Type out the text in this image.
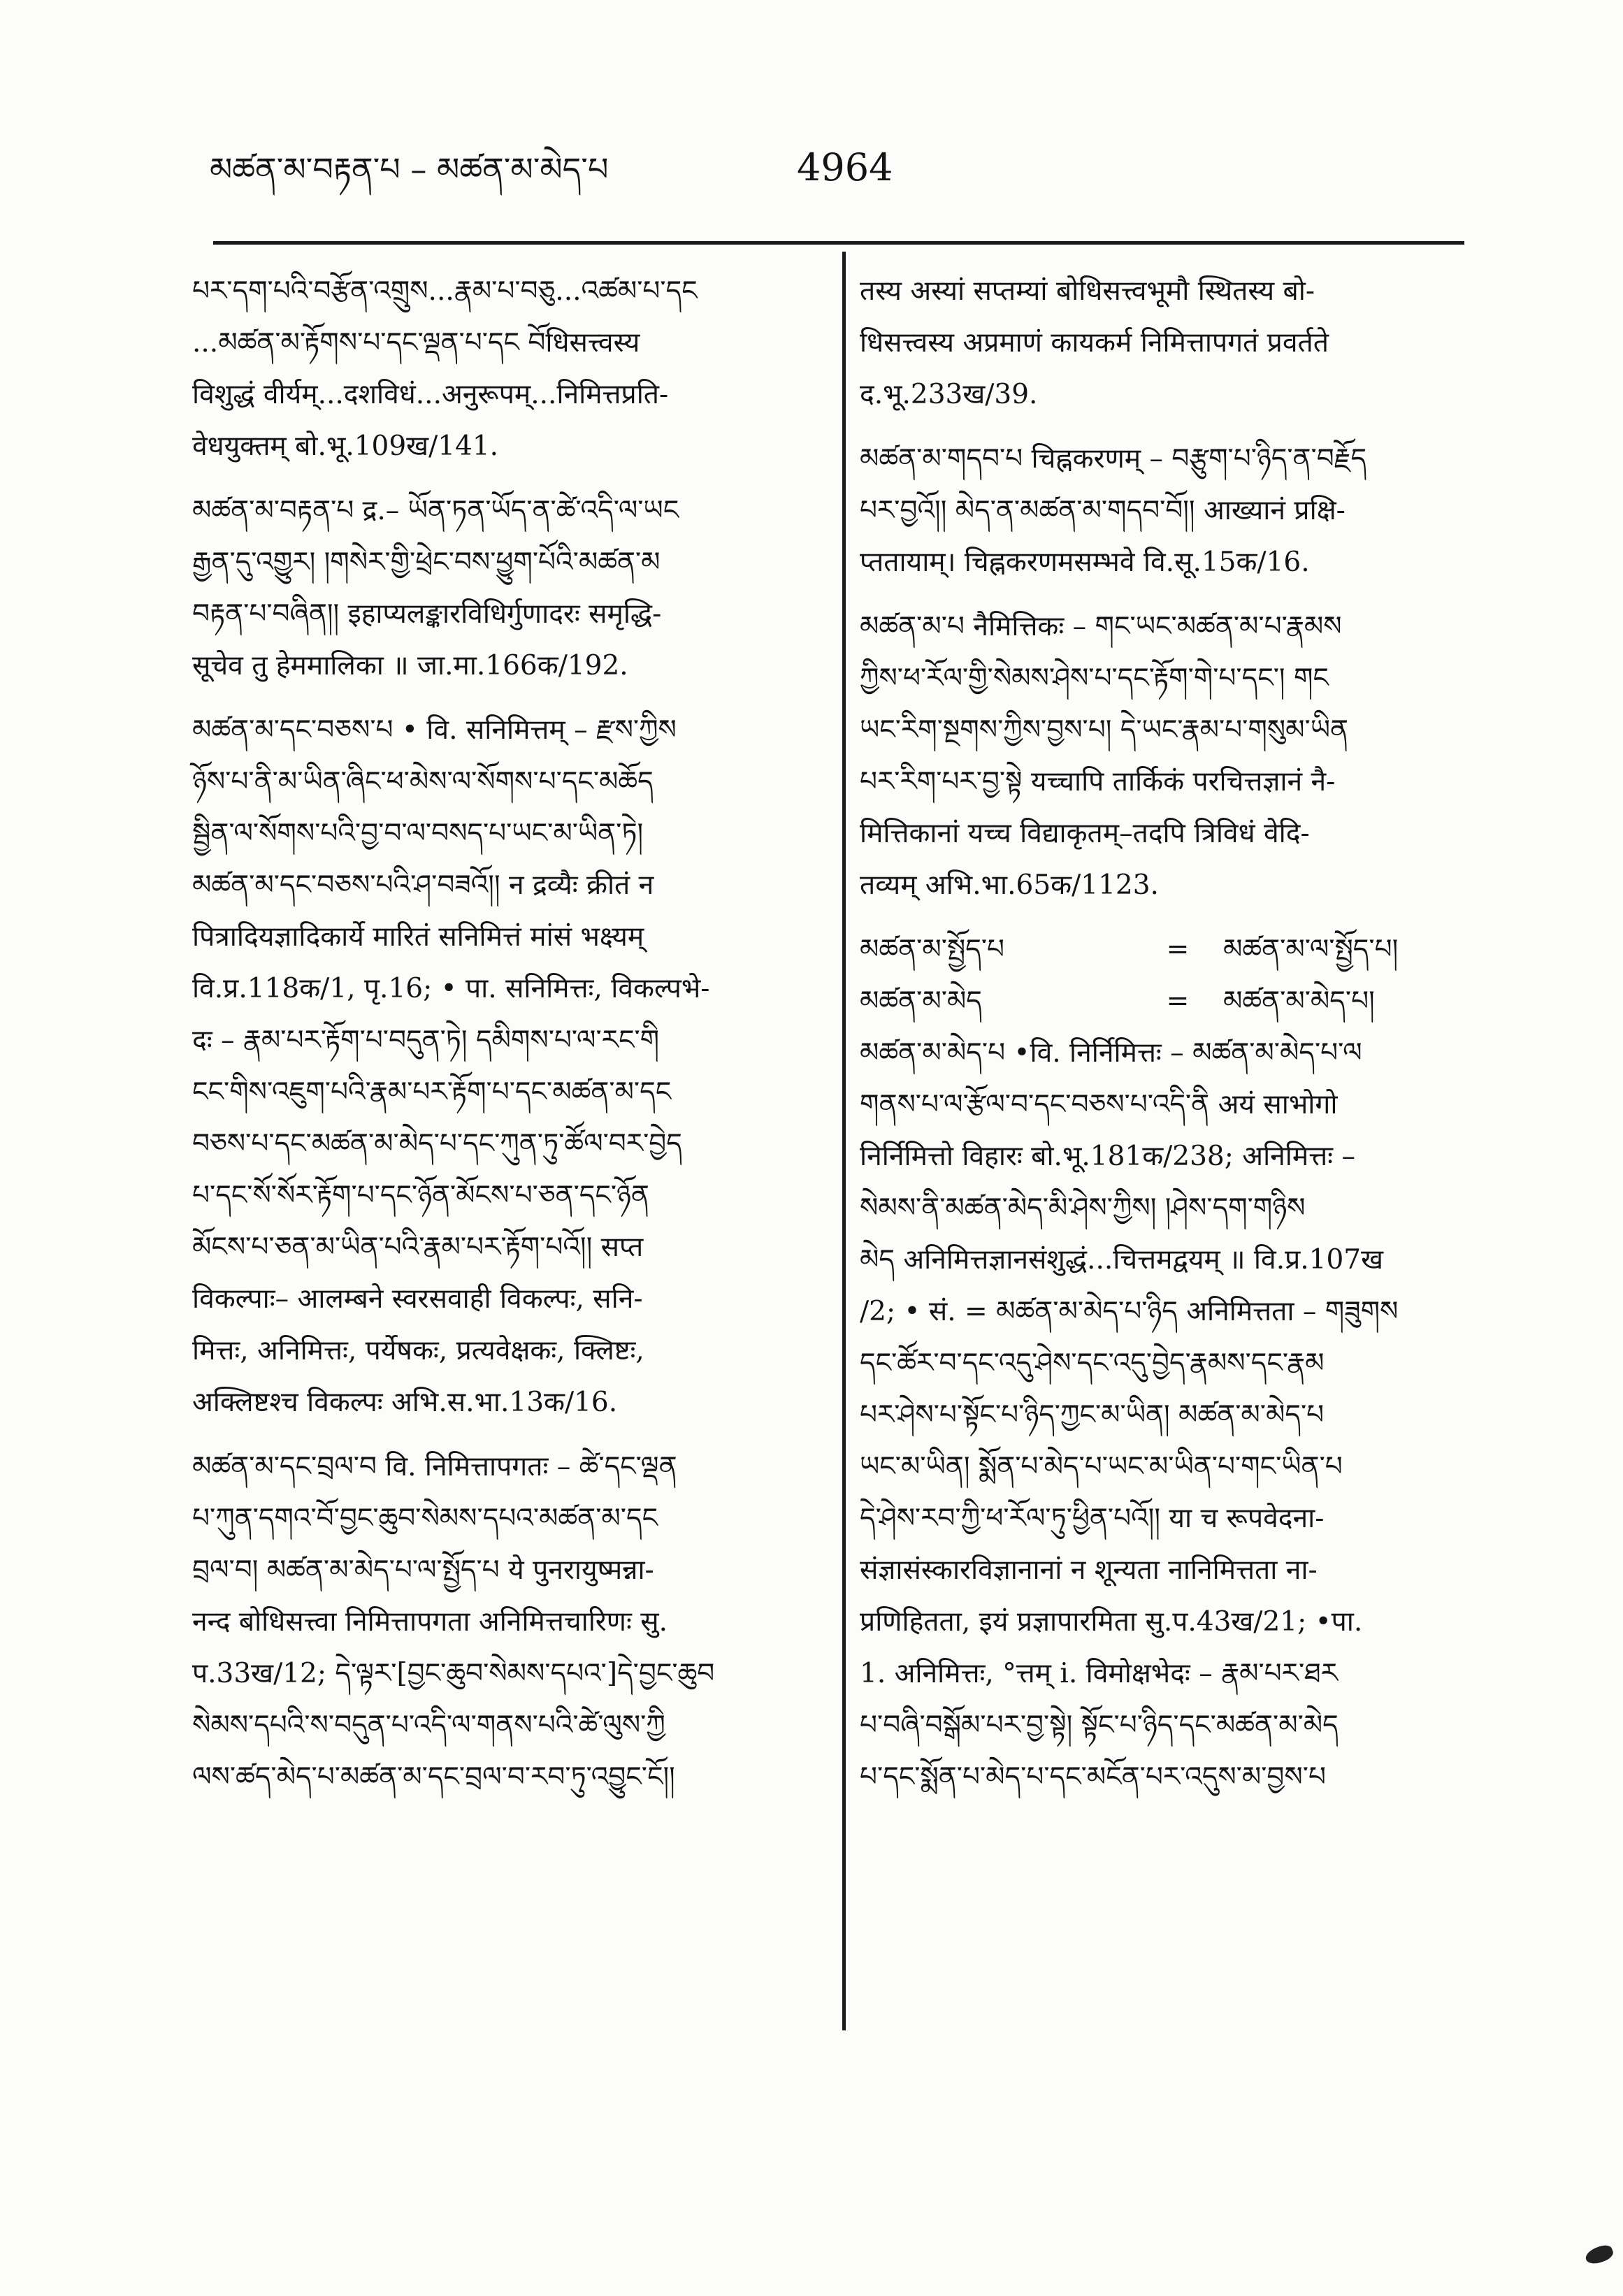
མཚན་མ་བརྟན་པ – མཚན་མ་མེད་པ	4964
པར་དག་པའི་བརྩོན་འགྲུས...རྣམ་པ་བཅུ...འཚམ་པ་དང
...མཚན་མ་རྟོགས་པ་དང་ལྡན་པ་དང བོधिसत्त्वस्य
विशुद्धं वीर्यम्...दशविधं...अनुरूपम्...निमित्तप्रति-
वेधयुक्तम् बो.भू.109ख/141.
མཚན་མ་བརྟན་པ द्र.– ཡོན་ཏན་ཡོད་ན་ཚེ་འདི་ལ་ཡང
རྒྱན་དུ་འགྱུར། །གསེར་གྱི་ཕྲེང་བས་ཕྱུག་པོའི་མཚན་མ
བརྟན་པ་བཞིན།། इहाप्यलङ्कारविधिर्गुणादरः समृद्धि-
सूचेव तु हेममालिका ॥ जा.मा.166क/192.
མཚན་མ་དང་བཅས་པ • वि. सनिमित्तम् – རྫས་ཀྱིས
ཉོས་པ་ནི་མ་ཡིན་ཞིང་ཕ་མེས་ལ་སོགས་པ་དང་མཆོད
སྦྱིན་ལ་སོགས་པའི་བྱ་བ་ལ་བསད་པ་ཡང་མ་ཡིན་ཏེ།
མཚན་མ་དང་བཅས་པའི་ཤ་བཟའོ།། न द्रव्यैः क्रीतं न
पित्रादियज्ञादिकार्ये मारितं सनिमित्तं मांसं भक्ष्यम्
वि.प्र.118क/1, पृ.16; • पा. सनिमित्तः, विकल्पभे-
दः – རྣམ་པར་རྟོག་པ་བདུན་ཏེ། དམིགས་པ་ལ་རང་གི
ངང་གིས་འཇུག་པའི་རྣམ་པར་རྟོག་པ་དང་མཚན་མ་དང
བཅས་པ་དང་མཚན་མ་མེད་པ་དང་ཀུན་ཏུ་ཚོལ་བར་བྱེད
པ་དང་སོ་སོར་རྟོག་པ་དང་ཉོན་མོངས་པ་ཅན་དང་ཉོན
མོངས་པ་ཅན་མ་ཡིན་པའི་རྣམ་པར་རྟོག་པའོ།། सप्त
विकल्पाः– आलम्बने स्वरसवाही विकल्पः, सनि-
मित्तः, अनिमित्तः, पर्येषकः, प्रत्यवेक्षकः, क्लिष्टः,
अक्लिष्टश्च विकल्पः अभि.स.भा.13क/16.
མཚན་མ་དང་བྲལ་བ वि. निमित्तापगतः – ཚེ་དང་ལྡན
པ་ཀུན་དགའ་བོ་བྱང་ཆུབ་སེམས་དཔའ་མཚན་མ་དང
བྲལ་བ། མཚན་མ་མེད་པ་ལ་སྤྱོད་པ ये पुनरायुष्मन्ना-
नन्द बोधिसत्त्वा निमित्तापगता अनिमित्तचारिणः सु.
प.33ख/12; དེ་ལྟར་[བྱང་ཆུབ་སེམས་དཔའ་]དེ་བྱང་ཆུབ
སེམས་དཔའི་ས་བདུན་པ་འདི་ལ་གནས་པའི་ཚེ་ལུས་ཀྱི
ལས་ཚད་མེད་པ་མཚན་མ་དང་བྲལ་བ་རབ་ཏུ་འབྱུང་ངོ།།
तस्य अस्यां सप्तम्यां बोधिसत्त्वभूमौ स्थितस्य बो-
धिसत्त्वस्य अप्रमाणं कायकर्म निमित्तापगतं प्रवर्तते
द.भू.233ख/39.
མཚན་མ་གདབ་པ चिह्नकरणम् – བརྩུག་པ་ཉིད་ན་བརྗོད
པར་བྱའོ།། མེད་ན་མཚན་མ་གདབ་བོ།། आख्यानं प्रक्षि-
प्ततायाम्। चिह्नकरणमसम्भवे वि.सू.15क/16.
མཚན་མ་པ नैमित्तिकः – གང་ཡང་མཚན་མ་པ་རྣམས
ཀྱིས་ཕ་རོལ་གྱི་སེམས་ཤེས་པ་དང་རྟོག་གེ་པ་དང་། གང
ཡང་རིག་སྔགས་ཀྱིས་བྱས་པ། དེ་ཡང་རྣམ་པ་གསུམ་ཡིན
པར་རིག་པར་བྱ་སྟེ यच्चापि तार्किकं परचित्तज्ञानं नै-
मित्तिकानां यच्च विद्याकृतम्–तदपि त्रिविधं वेदि-
तव्यम् अभि.भा.65क/1123.
མཚན་མ་སྤྱོད་པ	=	མཚན་མ་ལ་སྤྱོད་པ།
མཚན་མ་མེད	=	མཚན་མ་མེད་པ།
མཚན་མ་མེད་པ •वि. निर्निमित्तः – མཚན་མ་མེད་པ་ལ
གནས་པ་ལ་རྩོལ་བ་དང་བཅས་པ་འདི་ནི अयं साभोगो
निर्निमित्तो विहारः बो.भू.181क/238; अनिमित्तः –
སེམས་ནི་མཚན་མེད་མི་ཤེས་ཀྱིས། །ཤེས་དག་གཉིས
མེད अनिमित्तज्ञानसंशुद्धं...चित्तमद्वयम् ॥ वि.प्र.107ख
/2; • सं. = མཚན་མ་མེད་པ་ཉིད अनिमित्तता – གཟུགས
དང་ཚོར་བ་དང་འདུ་ཤེས་དང་འདུ་བྱེད་རྣམས་དང་རྣམ
པར་ཤེས་པ་སྟོང་པ་ཉིད་ཀྱང་མ་ཡིན། མཚན་མ་མེད་པ
ཡང་མ་ཡིན། སྨོན་པ་མེད་པ་ཡང་མ་ཡིན་པ་གང་ཡིན་པ
དེ་ཤེས་རབ་ཀྱི་ཕ་རོལ་ཏུ་ཕྱིན་པའོ།། या च रूपवेदना-
संज्ञासंस्कारविज्ञानानां न शून्यता नानिमित्तता ना-
प्रणिहितता, इयं प्रज्ञापारमिता सु.प.43ख/21; •पा.
1. अनिमित्तः, °त्तम् i. विमोक्षभेदः – རྣམ་པར་ཐར
པ་བཞི་བསྒོམ་པར་བྱ་སྟེ། སྟོང་པ་ཉིད་དང་མཚན་མ་མེད
པ་དང་སྨོན་པ་མེད་པ་དང་མངོན་པར་འདུས་མ་བྱས་པ
